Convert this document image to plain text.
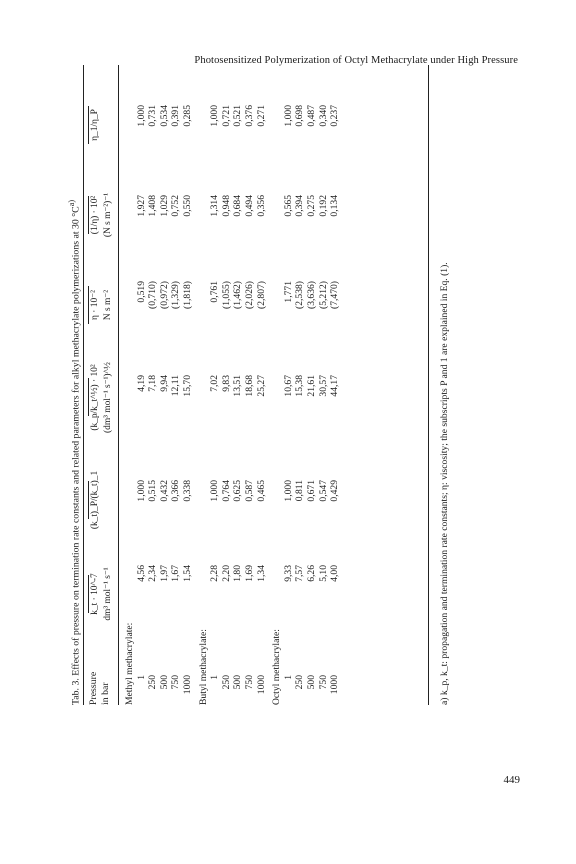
Photosensitized Polymerization of Octyl Methacrylate under High Pressure
Tab. 3. Effects of pressure on termination rate constants and related parameters for alkyl methacrylate polymerizations at 30 $^\circ C^{a)}$
Pressure
in bar
k_t · 10^-7 dm³ mol⁻¹ s⁻¹
(k_t)_P/(k_t)_1
(k_p/k_t^½) · 10² (dm³ mol⁻¹ s⁻¹)^½
η · 10⁻² N s m⁻²
(1/η) · 10² (N s m⁻²)⁻¹
η_1/η_P
Methyl methacrylate: 1
4,56
1,000
4,19
0,519
1,927
1,000
250
2,34
0,515
7,18
(0,710)
1,408
0,731
500
1,97
0,432
9,94
(0,972)
1,029
0,534
750
1,67
0,366
12,11
(1,329)
0,752
0,391
1000
1,54
0,338
15,70
(1,818)
0,550
0,285
Butyl methacrylate: 1
2,28
1,000
7,02
0,761
1,314
1,000
250
2,20
0,764
9,83
(1,055)
0,948
0,721
500
1,80
0,625
13,51
(1,462)
0,684
0,521
750
1,69
0,587
18,68
(2,026)
0,494
0,376
1000
1,34
0,465
25,27
(2,807)
0,356
0,271
Octyl methacrylate: 1
9,33
1,000
10,67
1,771
0,565
1,000
250
7,57
0,811
15,38
(2,538)
0,394
0,698
500
6,26
0,671
21,61
(3,636)
0,275
0,487
750
5,10
0,547
30,57
(5,212)
0,192
0,340
1000
4,00
0,429
44,17
(7,470)
0,134
0,237
a) k_p, k_t: propagation and termination rate constants; η: viscosity; the subscripts P and 1 are explained in Eq. (1).
449
